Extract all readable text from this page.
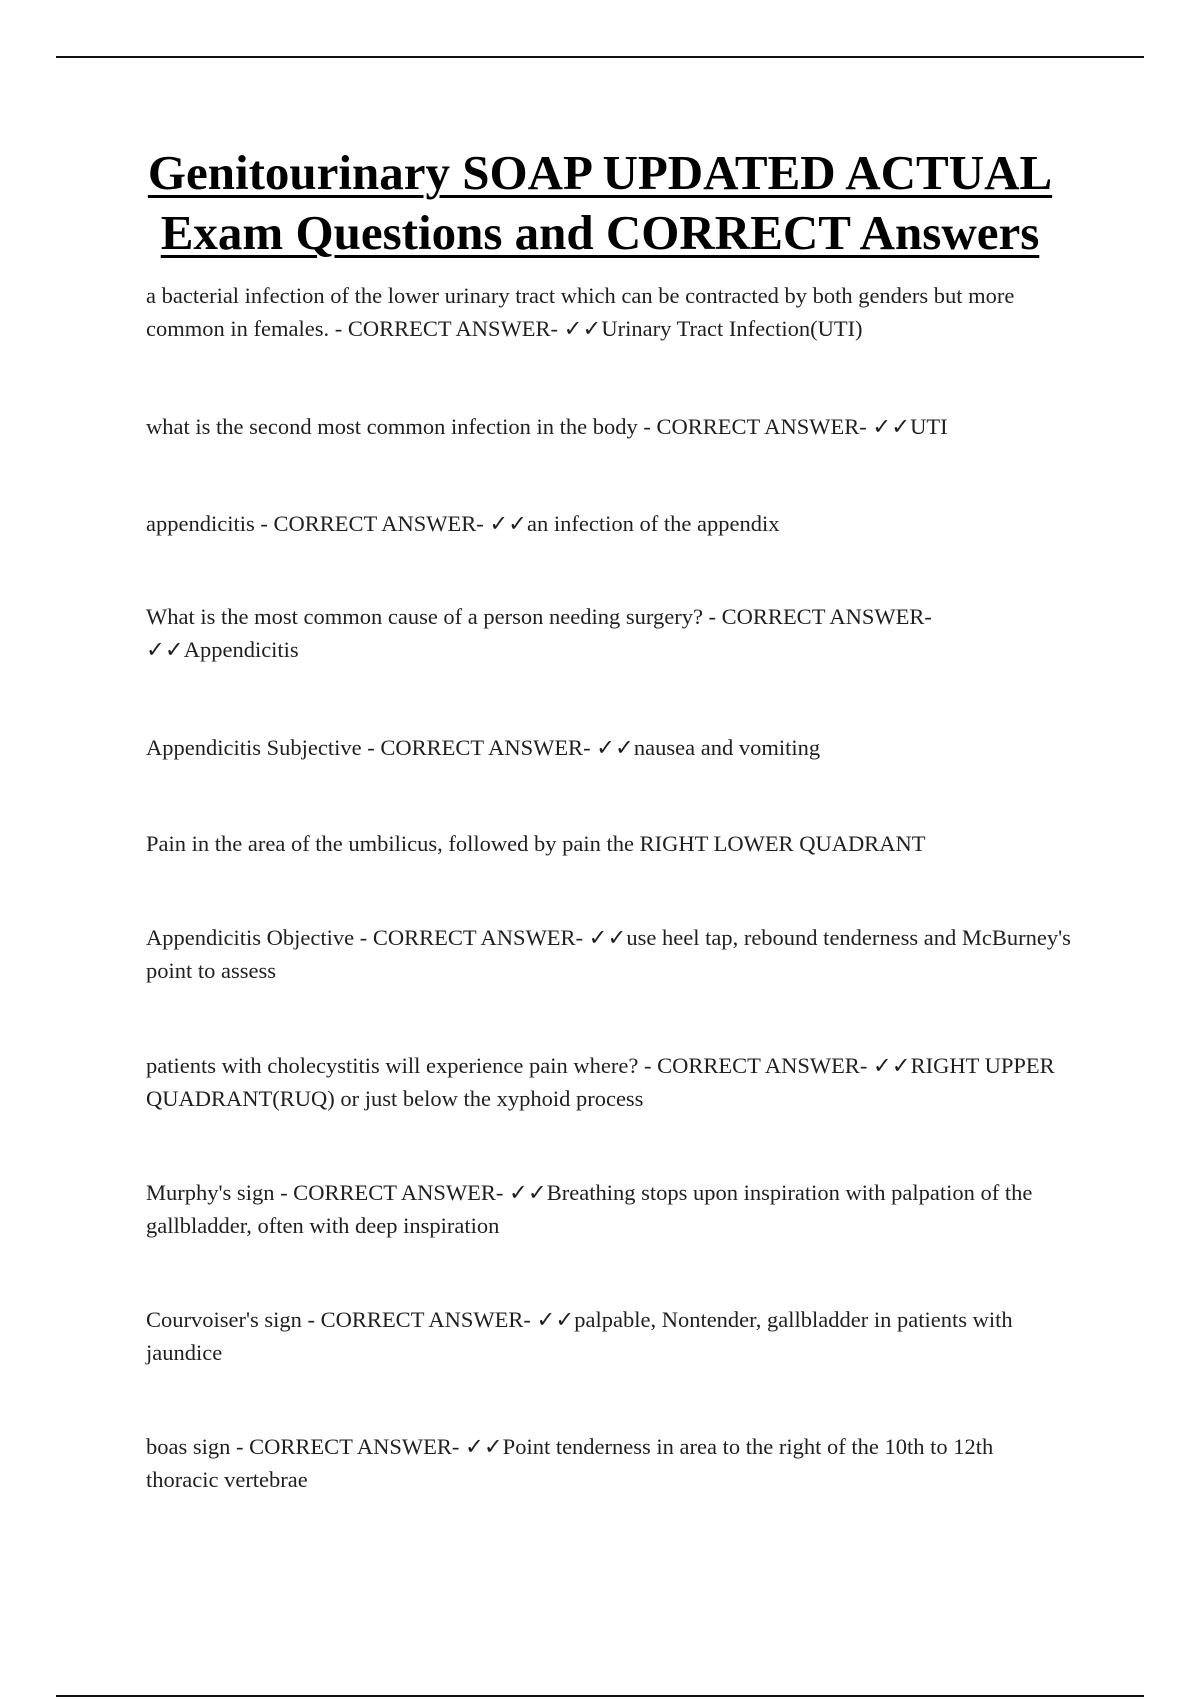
Genitourinary SOAP UPDATED ACTUAL
Exam Questions and CORRECT Answers

a bacterial infection of the lower urinary tract which can be contracted by both genders but more common in females. - CORRECT ANSWER- ✓✓Urinary Tract Infection(UTI)

what is the second most common infection in the body - CORRECT ANSWER- ✓✓UTI

appendicitis - CORRECT ANSWER- ✓✓an infection of the appendix

What is the most common cause of a person needing surgery? - CORRECT ANSWER- ✓✓Appendicitis

Appendicitis Subjective - CORRECT ANSWER- ✓✓nausea and vomiting

Pain in the area of the umbilicus, followed by pain the RIGHT LOWER QUADRANT

Appendicitis Objective - CORRECT ANSWER- ✓✓use heel tap, rebound tenderness and McBurney's point to assess

patients with cholecystitis will experience pain where? - CORRECT ANSWER- ✓✓RIGHT UPPER QUADRANT(RUQ) or just below the xyphoid process

Murphy's sign - CORRECT ANSWER- ✓✓Breathing stops upon inspiration with palpation of the gallbladder, often with deep inspiration

Courvoiser's sign - CORRECT ANSWER- ✓✓palpable, Nontender, gallbladder in patients with jaundice

boas sign - CORRECT ANSWER- ✓✓Point tenderness in area to the right of the 10th to 12th thoracic vertebrae
